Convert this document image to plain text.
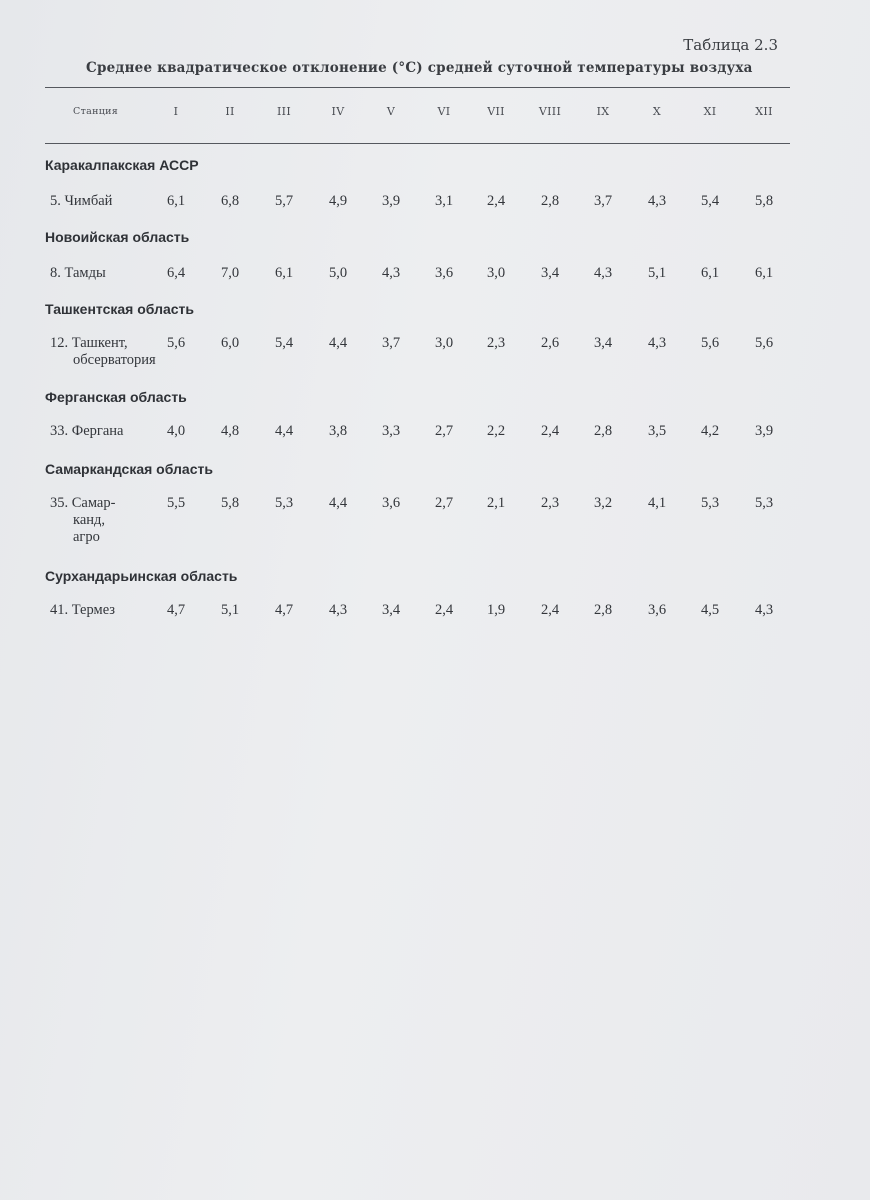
Таблица 2.3
Среднее квадратическое отклонение (°С) средней суточной температуры воздуха
Станция	I	II	III	IV	V	VI	VII	VIII	IX	X	XI	XII
Каракалпакская АССР
5. Чимбай	6,1 6,8 5,7 4,9 3,9 3,1 2,4 2,8 3,7 4,3 5,4 5,8
Новоийская область
8. Тамды	6,4 7,0 6,1 5,0 4,3 3,6 3,0 3,4 4,3 5,1 6,1 6,1
Ташкентская область
12. Ташкент,
обсерватория
5,6 6,0 5,4 4,4 3,7 3,0 2,3 2,6 3,4 4,3 5,6 5,6
Ферганская область
33. Фергана	4,0 4,8 4,4 3,8 3,3 2,7 2,2 2,4 2,8 3,5 4,2 3,9
Самаркандская область
35. Самар-
канд,
агро
5,5 5,8 5,3 4,4 3,6 2,7 2,1 2,3 3,2 4,1 5,3 5,3
Сурхандарьинская область
41. Термез	4,7 5,1 4,7 4,3 3,4 2,4 1,9 2,4 2,8 3,6 4,5 4,3
